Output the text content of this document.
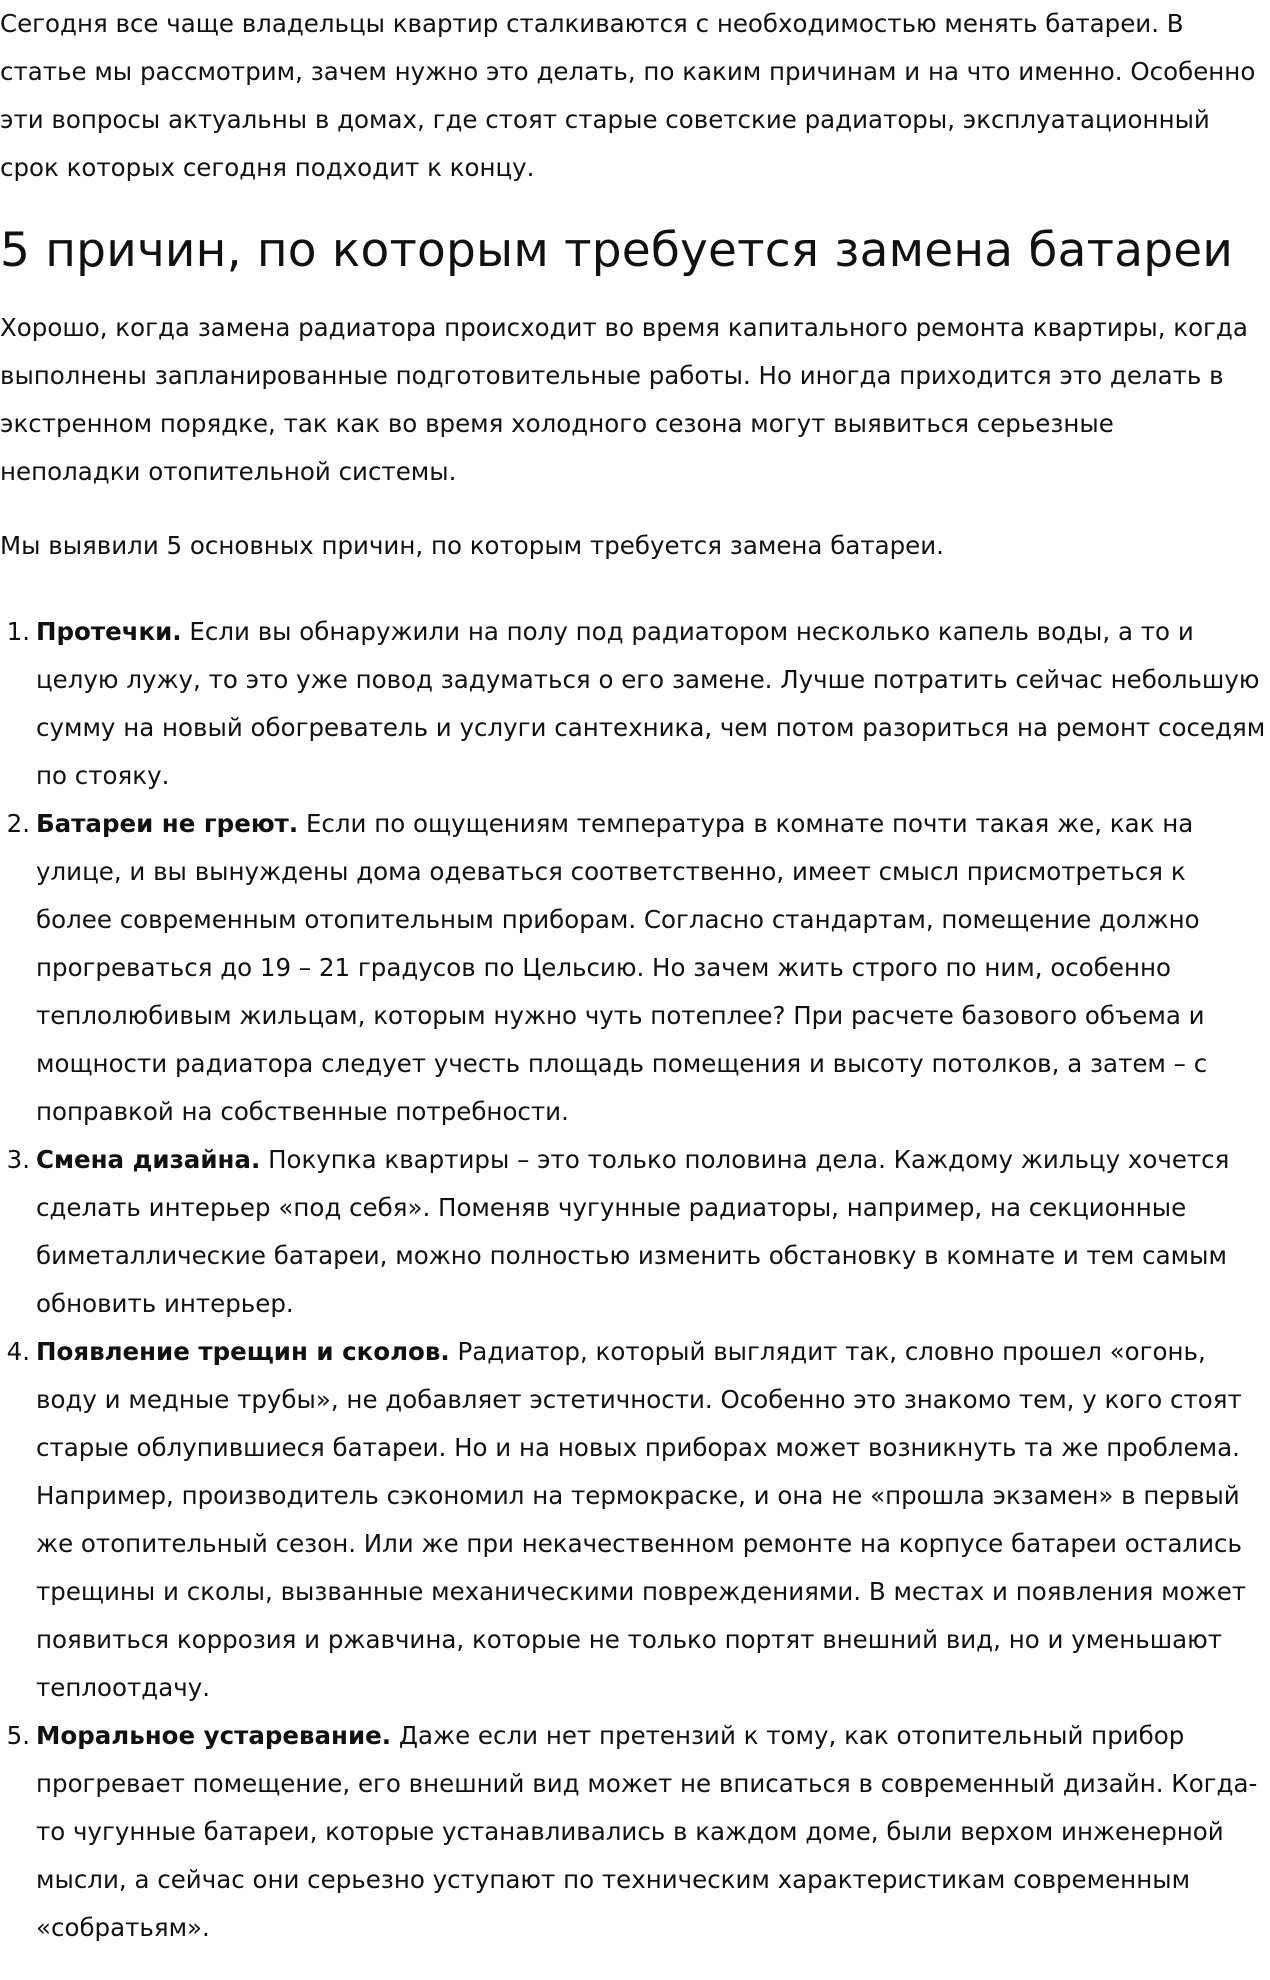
Сегодня все чаще владельцы квартир сталкиваются с необходимостью менять батареи. В статье мы рассмотрим, зачем нужно это делать, по каким причинам и на что именно. Особенно эти вопросы актуальны в домах, где стоят старые советские радиаторы, эксплуатационный срок которых сегодня подходит к концу.

5 причин, по которым требуется замена батареи

Хорошо, когда замена радиатора происходит во время капитального ремонта квартиры, когда выполнены запланированные подготовительные работы. Но иногда приходится это делать в экстренном порядке, так как во время холодного сезона могут выявиться серьезные неполадки отопительной системы.

Мы выявили 5 основных причин, по которым требуется замена батареи.

1. Протечки. Если вы обнаружили на полу под радиатором несколько капель воды, а то и целую лужу, то это уже повод задуматься о его замене. Лучше потратить сейчас небольшую сумму на новый обогреватель и услуги сантехника, чем потом разориться на ремонт соседям по стояку.
2. Батареи не греют. Если по ощущениям температура в комнате почти такая же, как на улице, и вы вынуждены дома одеваться соответственно, имеет смысл присмотреться к более современным отопительным приборам. Согласно стандартам, помещение должно прогреваться до 19 – 21 градусов по Цельсию. Но зачем жить строго по ним, особенно теплолюбивым жильцам, которым нужно чуть потеплее? При расчете базового объема и мощности радиатора следует учесть площадь помещения и высоту потолков, а затем – с поправкой на собственные потребности.
3. Смена дизайна. Покупка квартиры – это только половина дела. Каждому жильцу хочется сделать интерьер «под себя». Поменяв чугунные радиаторы, например, на секционные биметаллические батареи, можно полностью изменить обстановку в комнате и тем самым обновить интерьер.
4. Появление трещин и сколов. Радиатор, который выглядит так, словно прошел «огонь, воду и медные трубы», не добавляет эстетичности. Особенно это знакомо тем, у кого стоят старые облупившиеся батареи. Но и на новых приборах может возникнуть та же проблема. Например, производитель сэкономил на термокраске, и она не «прошла экзамен» в первый же отопительный сезон. Или же при некачественном ремонте на корпусе батареи остались трещины и сколы, вызванные механическими повреждениями. В местах и появления может появиться коррозия и ржавчина, которые не только портят внешний вид, но и уменьшают теплоотдачу.
5. Моральное устаревание. Даже если нет претензий к тому, как отопительный прибор прогревает помещение, его внешний вид может не вписаться в современный дизайн. Когда-то чугунные батареи, которые устанавливались в каждом доме, были верхом инженерной мысли, а сейчас они серьезно уступают по техническим характеристикам современным «собратьям».
